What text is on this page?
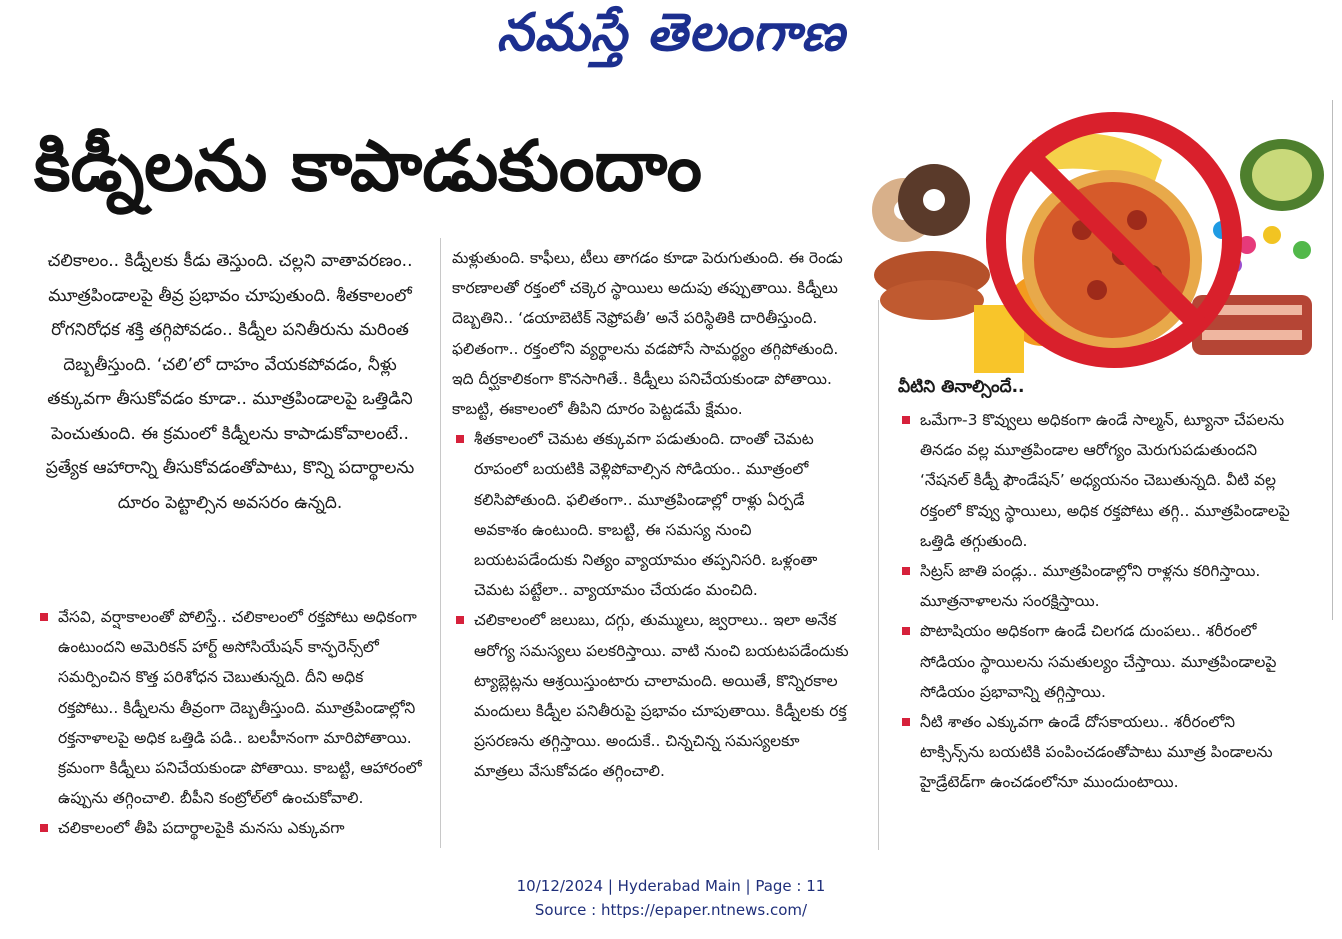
నమస్తే తెలంగాణ
కిడ్నీలను కాపాడుకుందాం

చలికాలం.. కిడ్నీలకు కీడు తెస్తుంది. చల్లని వాతావరణం.. మూత్రపిండాలపై తీవ్ర ప్రభావం చూపుతుంది. శీతకాలంలో రోగనిరోధక శక్తి తగ్గిపోవడం.. కిడ్నీల పనితీరును మరింత దెబ్బతీస్తుంది. ‘చలి’లో దాహం వేయకపోవడం, నీళ్లు తక్కువగా తీసుకోవడం కూడా.. మూత్రపిండాలపై ఒత్తిడిని పెంచుతుంది. ఈ క్రమంలో కిడ్నీలను కాపాడుకోవాలంటే.. ప్రత్యేక ఆహారాన్ని తీసుకోవడంతోపాటు, కొన్ని పదార్థాలను దూరం పెట్టాల్సిన అవసరం ఉన్నది.

వేసవి, వర్షాకాలంతో పోలిస్తే.. చలికాలంలో రక్తపోటు అధికంగా ఉంటుందని అమెరికన్ హార్ట్ అసోసియేషన్ కాన్ఫరెన్స్‌లో సమర్పించిన కొత్త పరిశోధన చెబుతున్నది. దీని అధిక రక్తపోటు.. కిడ్నీలను తీవ్రంగా దెబ్బతీస్తుంది. మూత్రపిండాల్లోని రక్తనాళాలపై అధిక ఒత్తిడి పడి.. బలహీనంగా మారిపోతాయి. క్రమంగా కిడ్నీలు పనిచేయకుండా పోతాయి. కాబట్టి, ఆహారంలో ఉప్పును తగ్గించాలి. బీపీని కంట్రోల్‌లో ఉంచుకోవాలి.

చలికాలంలో తీపి పదార్థాలపైకి మనసు ఎక్కువగా

మళ్లుతుంది. కాఫీలు, టీలు తాగడం కూడా పెరుగుతుంది. ఈ రెండు కారణాలతో రక్తంలో చక్కెర స్థాయిలు అదుపు తప్పుతాయి. కిడ్నీలు దెబ్బతిని.. ‘డయాబెటిక్ నెఫ్రోపతీ’ అనే పరిస్థితికి దారితీస్తుంది. ఫలితంగా.. రక్తంలోని వ్యర్థాలను వడపోసే సామర్థ్యం తగ్గిపోతుంది. ఇది దీర్ఘకాలికంగా కొనసాగితే.. కిడ్నీలు పనిచేయకుండా పోతాయి. కాబట్టి, ఈకాలంలో తీపిని దూరం పెట్టడమే క్షేమం.

శీతకాలంలో చెమట తక్కువగా పడుతుంది. దాంతో చెమట రూపంలో బయటికి వెళ్లిపోవాల్సిన సోడియం.. మూత్రంలో కలిసిపోతుంది. ఫలితంగా.. మూత్రపిండాల్లో రాళ్లు ఏర్పడే అవకాశం ఉంటుంది. కాబట్టి, ఈ సమస్య నుంచి బయటపడేందుకు నిత్యం వ్యాయామం తప్పనిసరి. ఒళ్లంతా చెమట పట్టేలా.. వ్యాయామం చేయడం మంచిది.

చలికాలంలో జలుబు, దగ్గు, తుమ్ములు, జ్వరాలు.. ఇలా అనేక ఆరోగ్య సమస్యలు పలకరిస్తాయి. వాటి నుంచి బయటపడేందుకు ట్యాబ్లెట్లను ఆశ్రయిస్తుంటారు చాలామంది. అయితే, కొన్నిరకాల మందులు కిడ్నీల పనితీరుపై ప్రభావం చూపుతాయి. కిడ్నీలకు రక్త ప్రసరణను తగ్గిస్తాయి. అందుకే.. చిన్నచిన్న సమస్యలకూ మాత్రలు వేసుకోవడం తగ్గించాలి.

వీటిని తినాల్సిందే..

ఒమేగా-3 కొవ్వులు అధికంగా ఉండే సాల్మన్, ట్యూనా చేపలను తినడం వల్ల మూత్రపిండాల ఆరోగ్యం మెరుగుపడుతుందని ‘నేషనల్ కిడ్నీ ఫౌండేషన్’ అధ్యయనం చెబుతున్నది. వీటి వల్ల రక్తంలో కొవ్వు స్థాయిలు, అధిక రక్తపోటు తగ్గి.. మూత్రపిండాలపై ఒత్తిడి తగ్గుతుంది.

సిట్రస్ జాతి పండ్లు.. మూత్రపిండాల్లోని రాళ్లను కరిగిస్తాయి. మూత్రనాళాలను సంరక్షిస్తాయి.

పొటాషియం అధికంగా ఉండే చిలగడ దుంపలు.. శరీరంలో సోడియం స్థాయిలను సమతుల్యం చేస్తాయి. మూత్రపిండాలపై సోడియం ప్రభావాన్ని తగ్గిస్తాయి.

నీటి శాతం ఎక్కువగా ఉండే దోసకాయలు.. శరీరంలోని టాక్సిన్స్‌ను బయటికి పంపించడంతోపాటు మూత్ర పిండాలను హైడ్రేటెడ్‌గా ఉంచడంలోనూ ముందుంటాయి.

10/12/2024 | Hyderabad Main | Page : 11
Source : https://epaper.ntnews.com/
